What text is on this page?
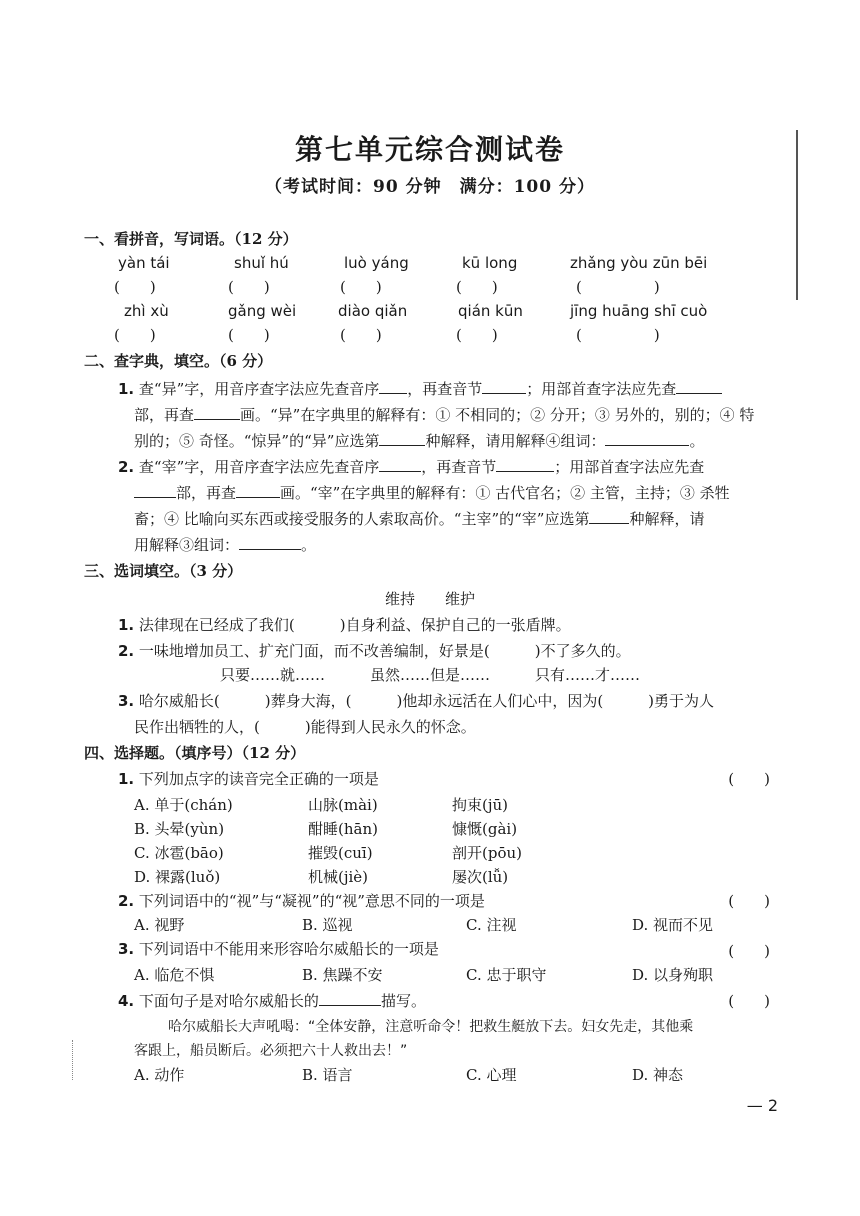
第七单元综合测试卷
（考试时间：90 分钟　满分：100 分）
一、看拼音，写词语。（12 分）
yàn tái	shuǐ hú	luò yáng	kū long	zhǎng yòu zūn bēi
(　　)	(　　)	(　　)	(　　)	(　　)
zhì xù	gǎng wèi	diào qiǎn	qián kūn	jīng huāng shī cuò
(　　)	(　　)	(　　)	(　　)	(　　)
二、查字典，填空。（6 分）
1. 查“异”字，用音序查字法应先查音序 ，再查音节	；用部首查字法应先查
部，再查	画。“异”在字典里的解释有：① 不相同的；② 分开；③ 另外的，别的；④ 特
别的；⑤ 奇怪。“惊异”的“异”应选第	种解释，请用解释④组词：	。
2. 查“宰”字，用音序查字法应先查音序	，再查音节	；用部首查字法应先查
部，再查	画。“宰”在字典里的解释有：① 古代官名；② 主管，主持；③ 杀牲
畜；④ 比喻向买东西或接受服务的人索取高价。“主宰”的“宰”应选第	种解释，请
用解释③组词：	。
三、选词填空。（3 分）
维持　　维护
1. 法律现在已经成了我们(　　　)自身利益、保护自己的一张盾牌。
2. 一味地增加员工、扩充门面，而不改善编制，好景是(　　　)不了多久的。
只要……就……　　　虽然……但是……　　　只有……才……
3. 哈尔威船长(　　　)葬身大海，(　　　)他却永远活在人们心中，因为(　　　)勇于为人
民作出牺牲的人，(　　　)能得到人民永久的怀念。
四、选择题。（填序号）（12 分）
1. 下列加点字的读音完全正确的一项是	(　　)
A. 单于(chán)	山脉(mài)	拘束(jū)
B. 头晕(yùn)	酣睡(hān)	慷慨(gài)
C. 冰雹(bāo)	摧毁(cuī)	剖开(pōu)
D. 裸露(luǒ)	机械(jiè)	屡次(lǚ)
2. 下列词语中的“视”与“凝视”的“视”意思不同的一项是	(　　)
A. 视野	B. 巡视	C. 注视	D. 视而不见
3. 下列词语中不能用来形容哈尔威船长的一项是	(　　)
A. 临危不惧	B. 焦躁不安	C. 忠于职守	D. 以身殉职
4. 下面句子是对哈尔威船长的	描写。	(　　)
哈尔威船长大声吼喝：“全体安静，注意听命令！把救生艇放下去。妇女先走，其他乘
客跟上，船员断后。必须把六十人救出去！”
A. 动作	B. 语言	C. 心理	D. 神态
— 2
